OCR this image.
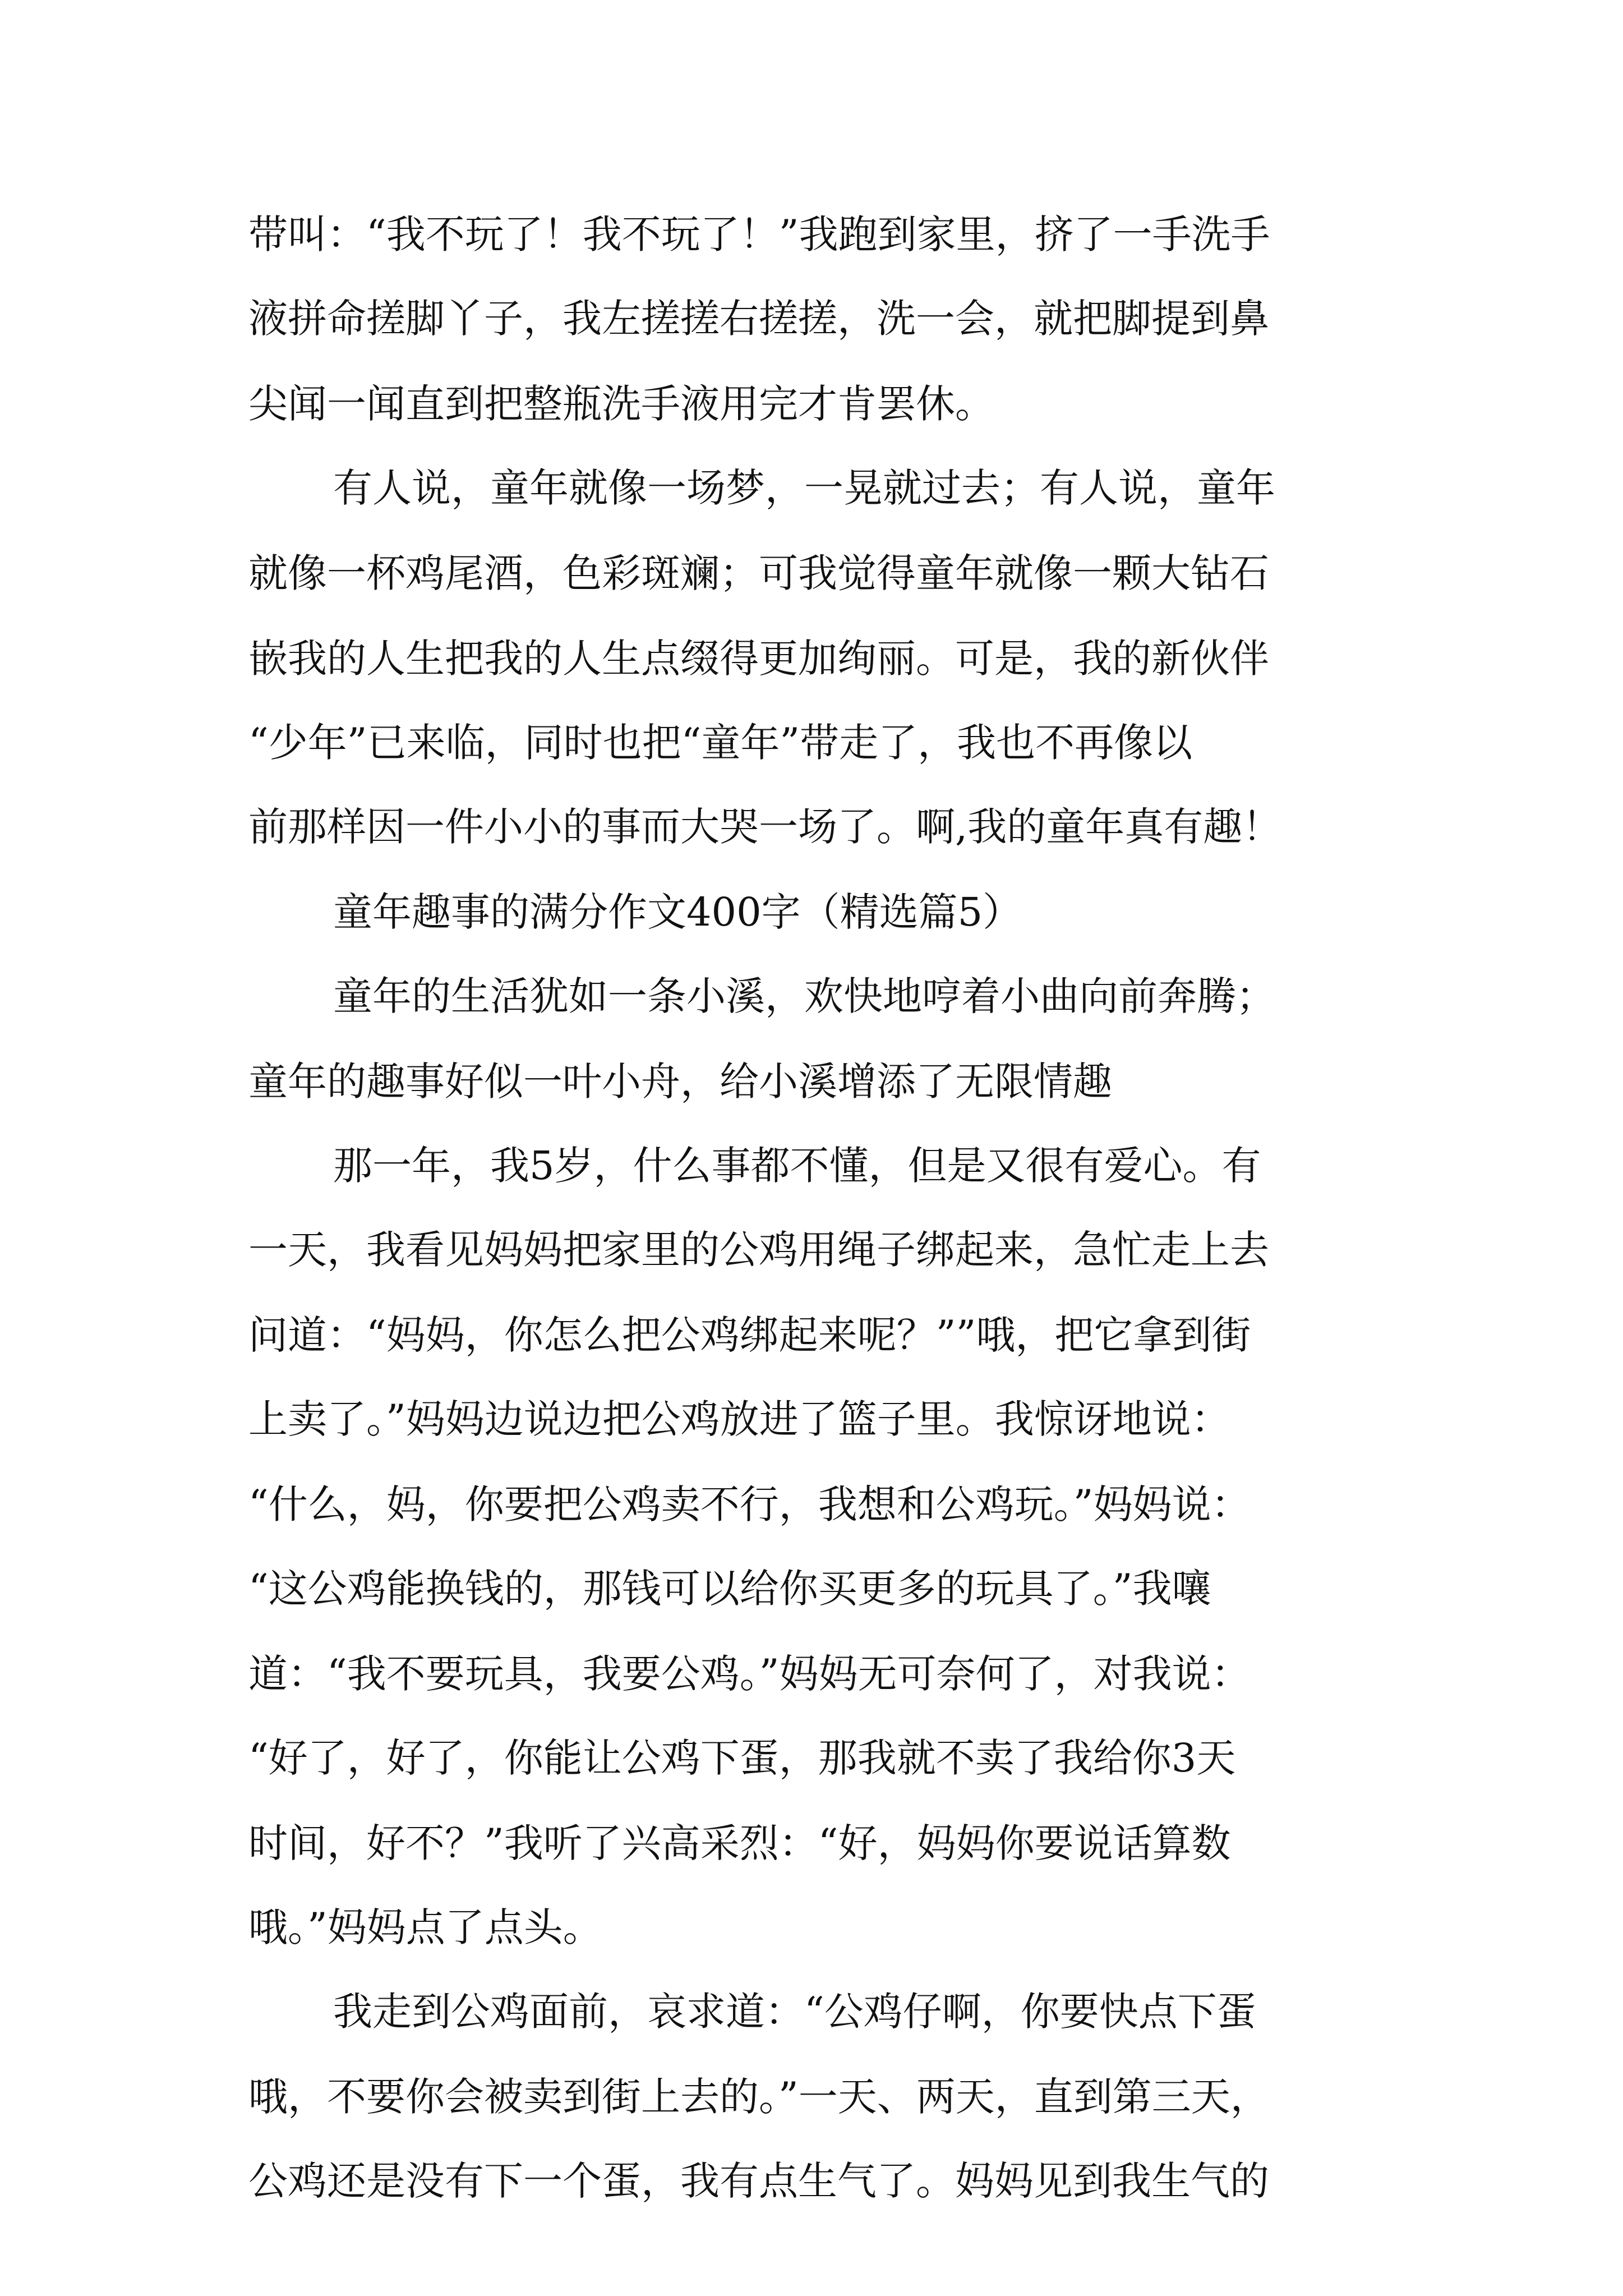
带叫：“我不玩了！我不玩了！”我跑到家里，挤了一手洗手
液拼命搓脚丫子，我左搓搓右搓搓，洗一会，就把脚提到鼻
尖闻一闻直到把整瓶洗手液用完才肯罢休。
有人说，童年就像一场梦，一晃就过去；有人说，童年
就像一杯鸡尾酒，色彩斑斓；可我觉得童年就像一颗大钻石
嵌我的人生把我的人生点缀得更加绚丽。可是，我的新伙伴
“少年”已来临，同时也把“童年”带走了，我也不再像以
前那样因一件小小的事而大哭一场了。啊,我的童年真有趣！
童年趣事的满分作文400字（精选篇5）
童年的生活犹如一条小溪，欢快地哼着小曲向前奔腾；
童年的趣事好似一叶小舟，给小溪增添了无限情趣
那一年，我5岁，什么事都不懂，但是又很有爱心。有
一天，我看见妈妈把家里的公鸡用绳子绑起来，急忙走上去
问道：“妈妈，你怎么把公鸡绑起来呢？””哦，把它拿到街
上卖了。”妈妈边说边把公鸡放进了篮子里。我惊讶地说：
“什么，妈，你要把公鸡卖不行，我想和公鸡玩。”妈妈说：
“这公鸡能换钱的，那钱可以给你买更多的玩具了。”我嚷
道：“我不要玩具，我要公鸡。”妈妈无可奈何了，对我说：
“好了，好了，你能让公鸡下蛋，那我就不卖了我给你3天
时间，好不？”我听了兴高采烈：“好，妈妈你要说话算数
哦。”妈妈点了点头。
我走到公鸡面前，哀求道：“公鸡仔啊，你要快点下蛋
哦，不要你会被卖到街上去的。”一天、两天，直到第三天，
公鸡还是没有下一个蛋，我有点生气了。妈妈见到我生气的
